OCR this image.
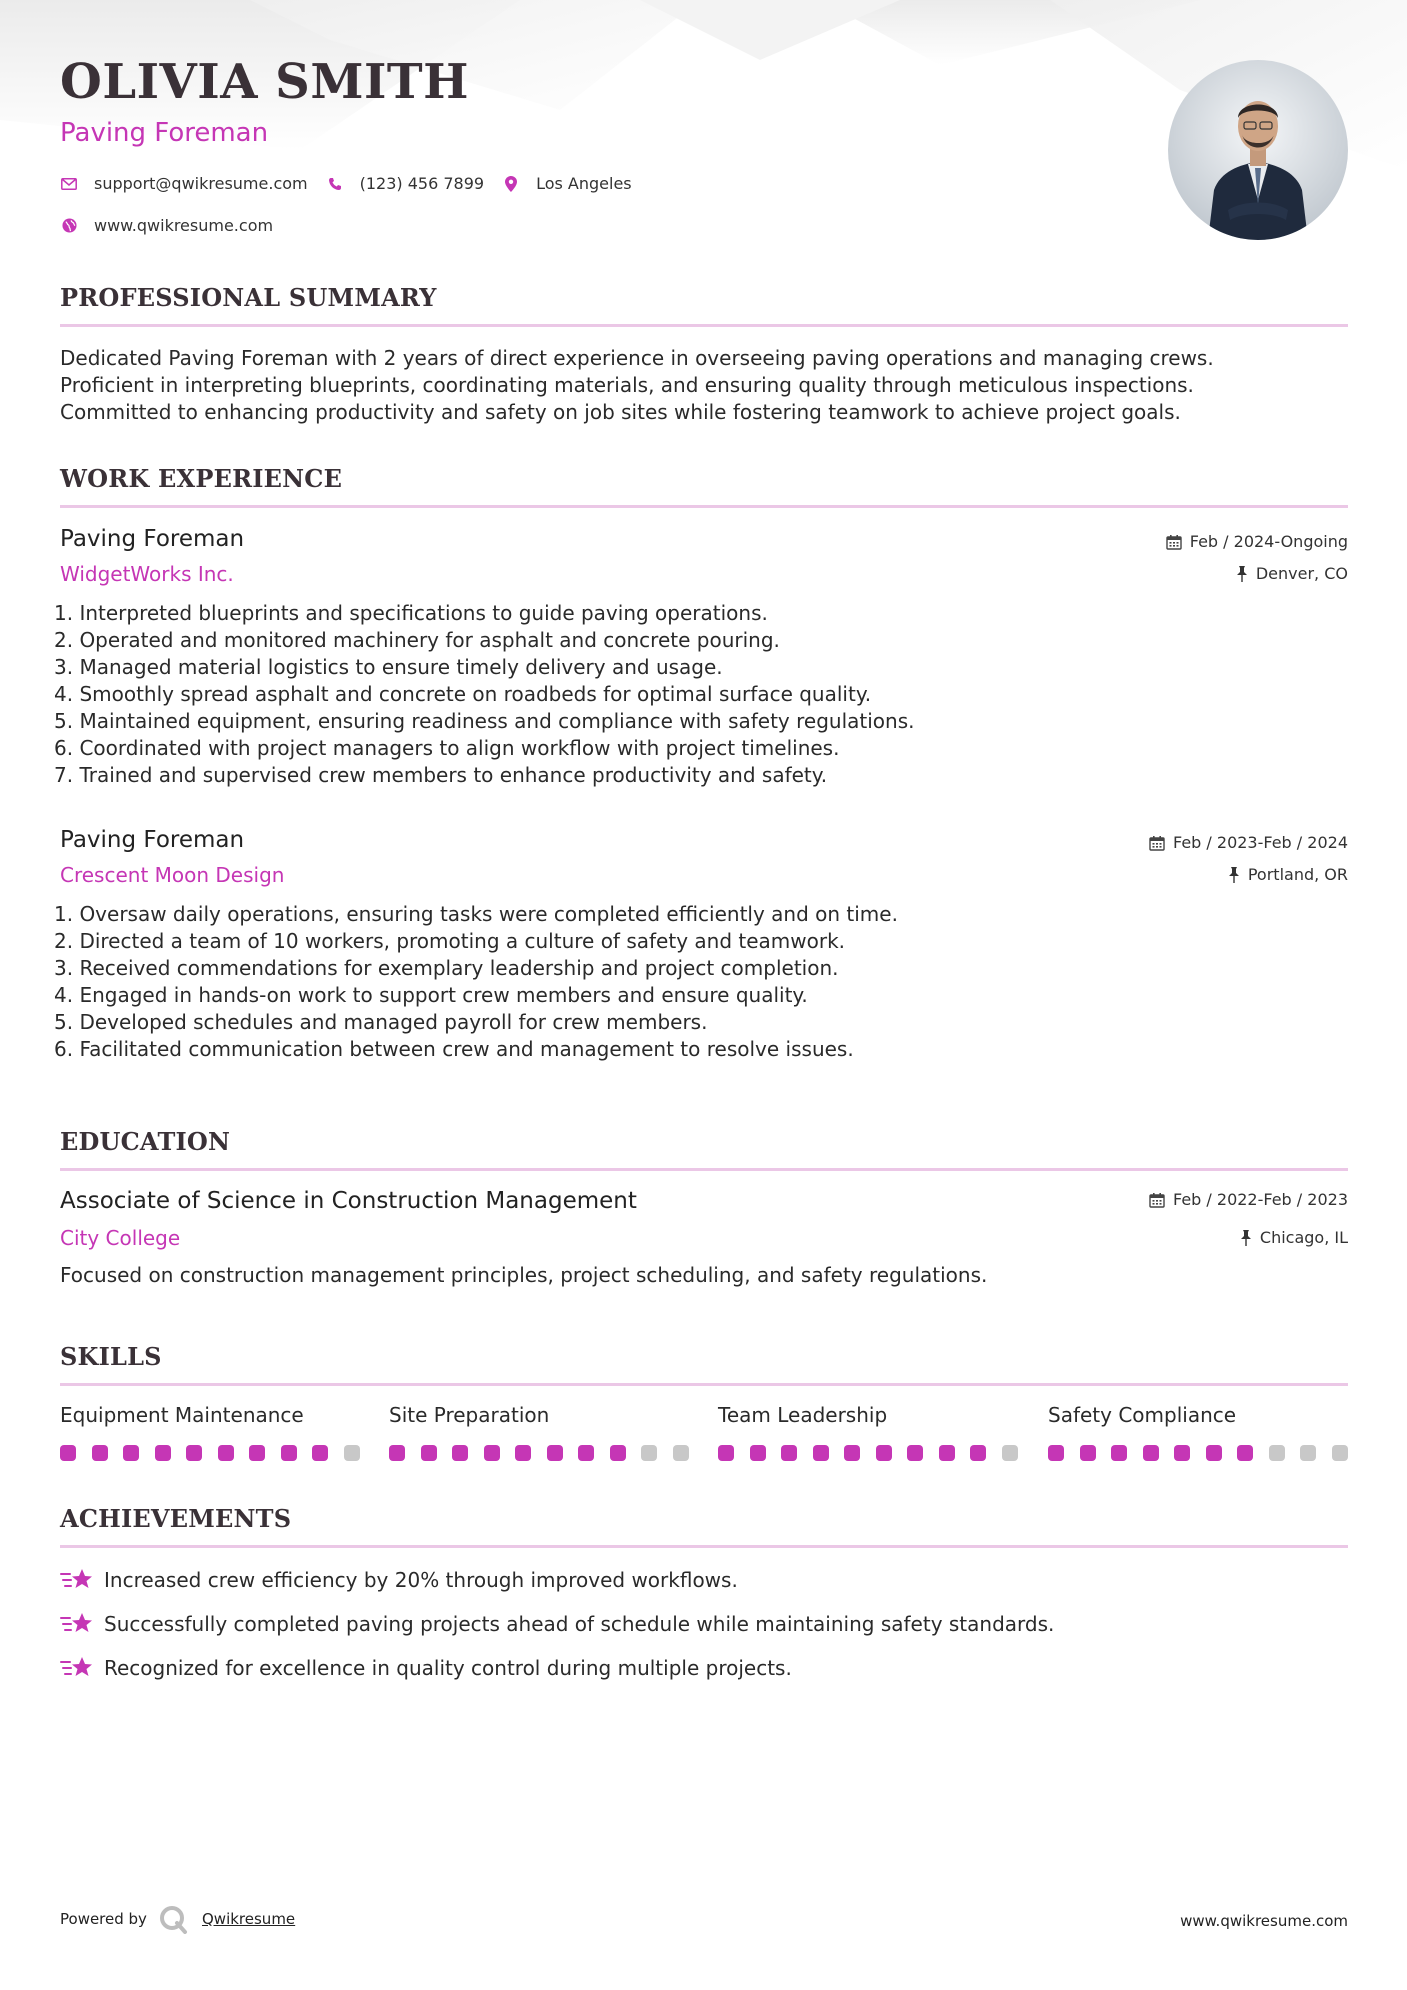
OLIVIA SMITH
Paving Foreman
support@qwikresume.com	(123) 456 7899	Los Angeles
www.qwikresume.com
PROFESSIONAL SUMMARY
Dedicated Paving Foreman with 2 years of direct experience in overseeing paving operations and managing crews.
Proficient in interpreting blueprints, coordinating materials, and ensuring quality through meticulous inspections.
Committed to enhancing productivity and safety on job sites while fostering teamwork to achieve project goals.
WORK EXPERIENCE
Paving Foreman
WidgetWorks Inc.
Feb / 2024-Ongoing
Denver, CO
1. Interpreted blueprints and specifications to guide paving operations.
2. Operated and monitored machinery for asphalt and concrete pouring.
3. Managed material logistics to ensure timely delivery and usage.
4. Smoothly spread asphalt and concrete on roadbeds for optimal surface quality.
5. Maintained equipment, ensuring readiness and compliance with safety regulations.
6. Coordinated with project managers to align workflow with project timelines.
7. Trained and supervised crew members to enhance productivity and safety.
Paving Foreman
Crescent Moon Design
Feb / 2023-Feb / 2024
Portland, OR
1. Oversaw daily operations, ensuring tasks were completed efficiently and on time.
2. Directed a team of 10 workers, promoting a culture of safety and teamwork.
3. Received commendations for exemplary leadership and project completion.
4. Engaged in hands-on work to support crew members and ensure quality.
5. Developed schedules and managed payroll for crew members.
6. Facilitated communication between crew and management to resolve issues.
EDUCATION
Associate of Science in Construction Management
City College
Feb / 2022-Feb / 2023
Chicago, IL
Focused on construction management principles, project scheduling, and safety regulations.
SKILLS
Equipment Maintenance	Site Preparation	Team Leadership	Safety Compliance
ACHIEVEMENTS
Increased crew efficiency by 20% through improved workflows.
Successfully completed paving projects ahead of schedule while maintaining safety standards.
Recognized for excellence in quality control during multiple projects.
Powered by	Qwikresume	www.qwikresume.com
